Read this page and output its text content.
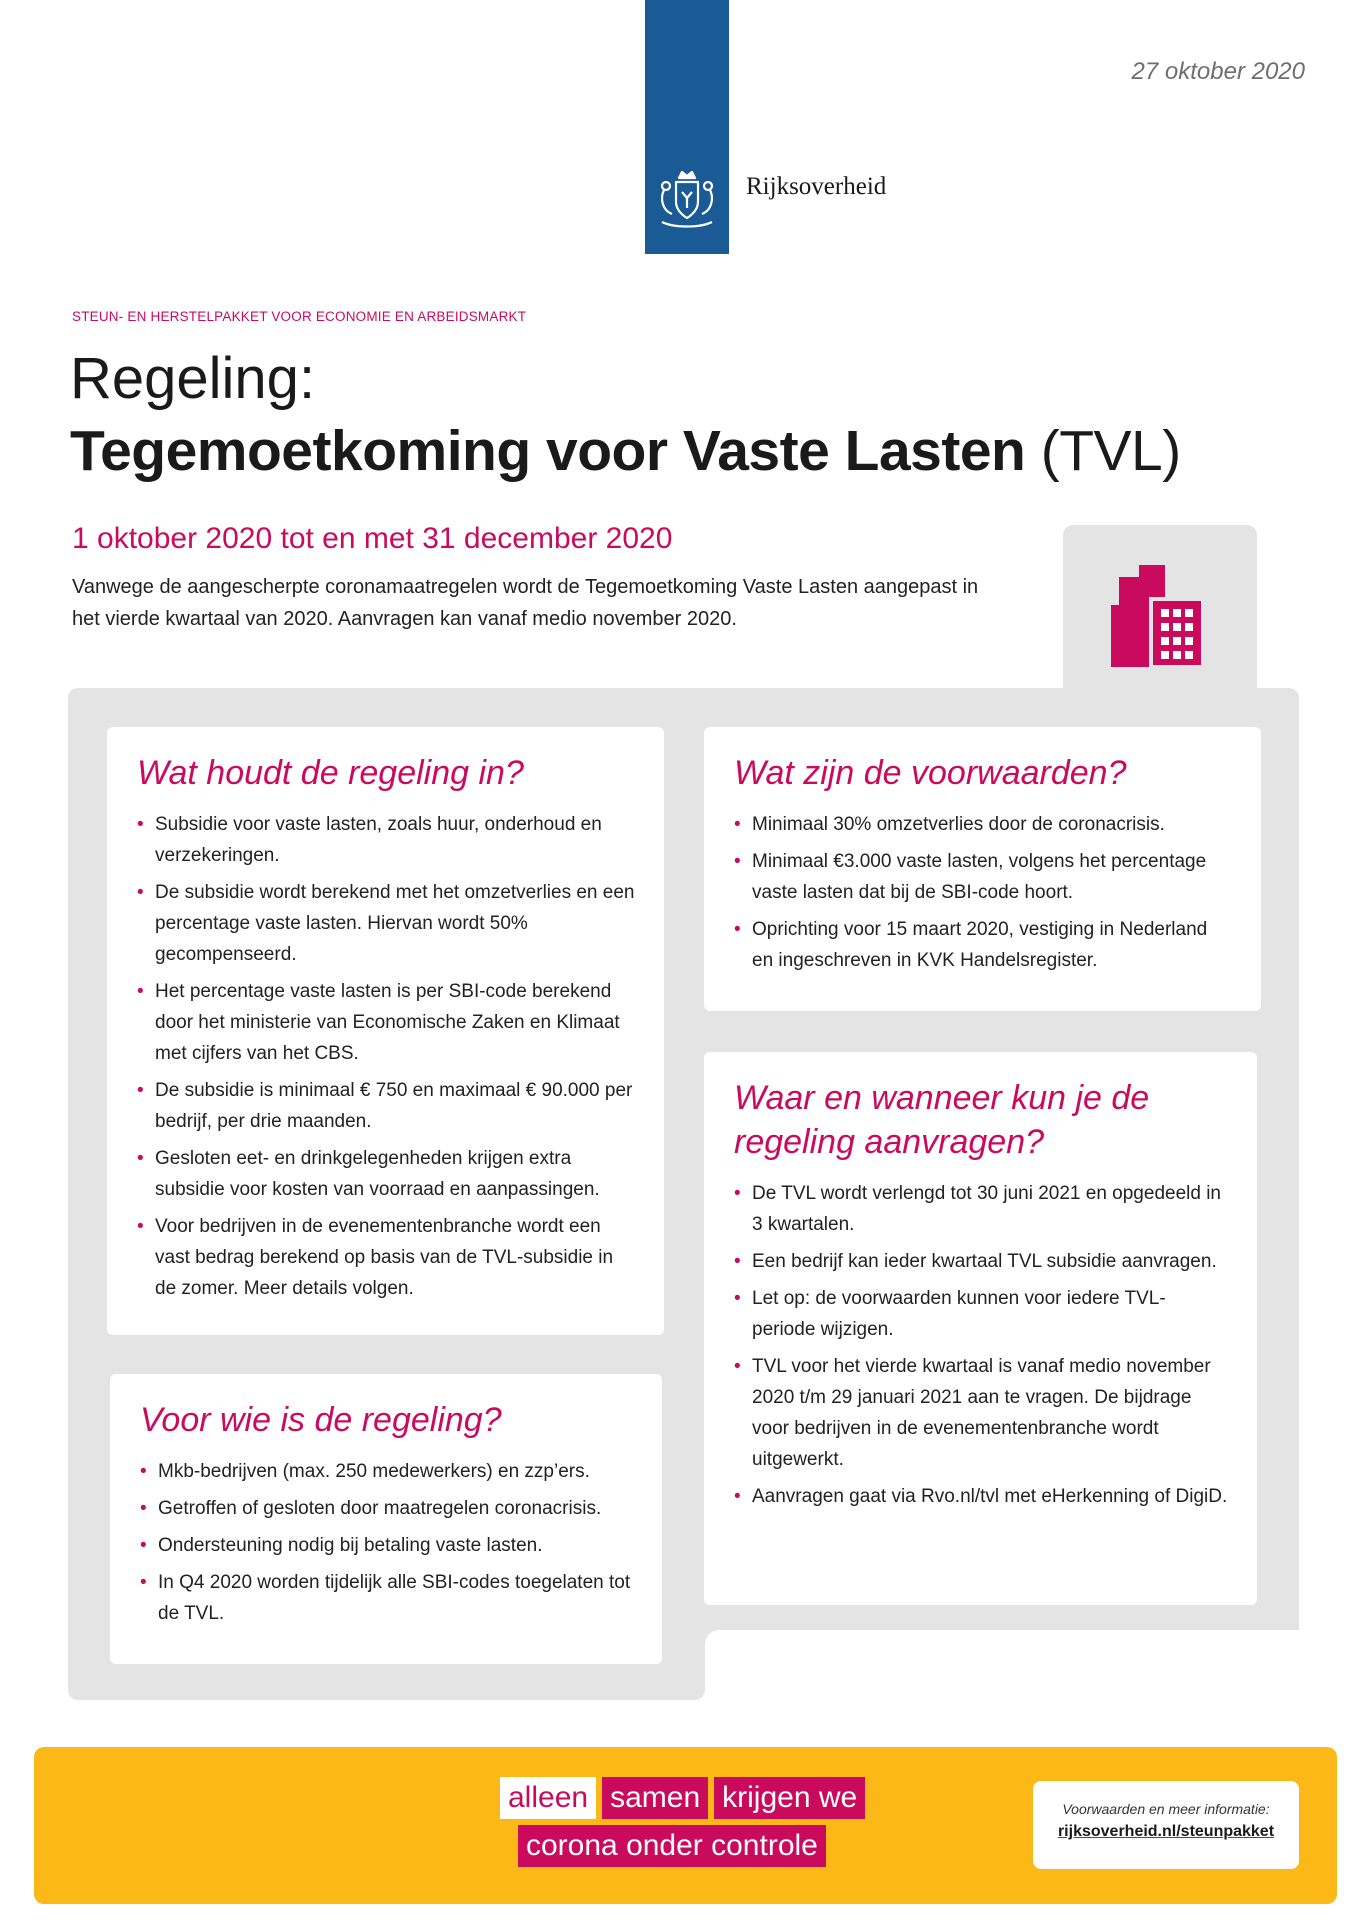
27 oktober 2020
Rijksoverheid
STEUN- EN HERSTELPAKKET VOOR ECONOMIE EN ARBEIDSMARKT
Regeling:
Tegemoetkoming voor Vaste Lasten (TVL)
1 oktober 2020 tot en met 31 december 2020
Vanwege de aangescherpte coronamaatregelen wordt de Tegemoetkoming Vaste Lasten aangepast in het vierde kwartaal van 2020. Aanvragen kan vanaf medio november 2020.
Wat houdt de regeling in?
• Subsidie voor vaste lasten, zoals huur, onderhoud en verzekeringen.
• De subsidie wordt berekend met het omzetverlies en een percentage vaste lasten. Hiervan wordt 50% gecompenseerd.
• Het percentage vaste lasten is per SBI-code berekend door het ministerie van Economische Zaken en Klimaat met cijfers van het CBS.
• De subsidie is minimaal € 750 en maximaal € 90.000 per bedrijf, per drie maanden.
• Gesloten eet- en drinkgelegenheden krijgen extra subsidie voor kosten van voorraad en aanpassingen.
• Voor bedrijven in de evenementenbranche wordt een vast bedrag berekend op basis van de TVL-subsidie in de zomer. Meer details volgen.
Wat zijn de voorwaarden?
• Minimaal 30% omzetverlies door de coronacrisis.
• Minimaal €3.000 vaste lasten, volgens het percentage vaste lasten dat bij de SBI-code hoort.
• Oprichting voor 15 maart 2020, vestiging in Nederland en ingeschreven in KVK Handelsregister.
Waar en wanneer kun je de regeling aanvragen?
• De TVL wordt verlengd tot 30 juni 2021 en opgedeeld in 3 kwartalen.
• Een bedrijf kan ieder kwartaal TVL subsidie aanvragen.
• Let op: de voorwaarden kunnen voor iedere TVL-periode wijzigen.
• TVL voor het vierde kwartaal is vanaf medio november 2020 t/m 29 januari 2021 aan te vragen. De bijdrage voor bedrijven in de evenementenbranche wordt uitgewerkt.
• Aanvragen gaat via Rvo.nl/tvl met eHerkenning of DigiD.
Voor wie is de regeling?
• Mkb-bedrijven (max. 250 medewerkers) en zzp’ers.
• Getroffen of gesloten door maatregelen coronacrisis.
• Ondersteuning nodig bij betaling vaste lasten.
• In Q4 2020 worden tijdelijk alle SBI-codes toegelaten tot de TVL.
alleen samen krijgen we
corona onder controle
Voorwaarden en meer informatie:
rijksoverheid.nl/steunpakket
